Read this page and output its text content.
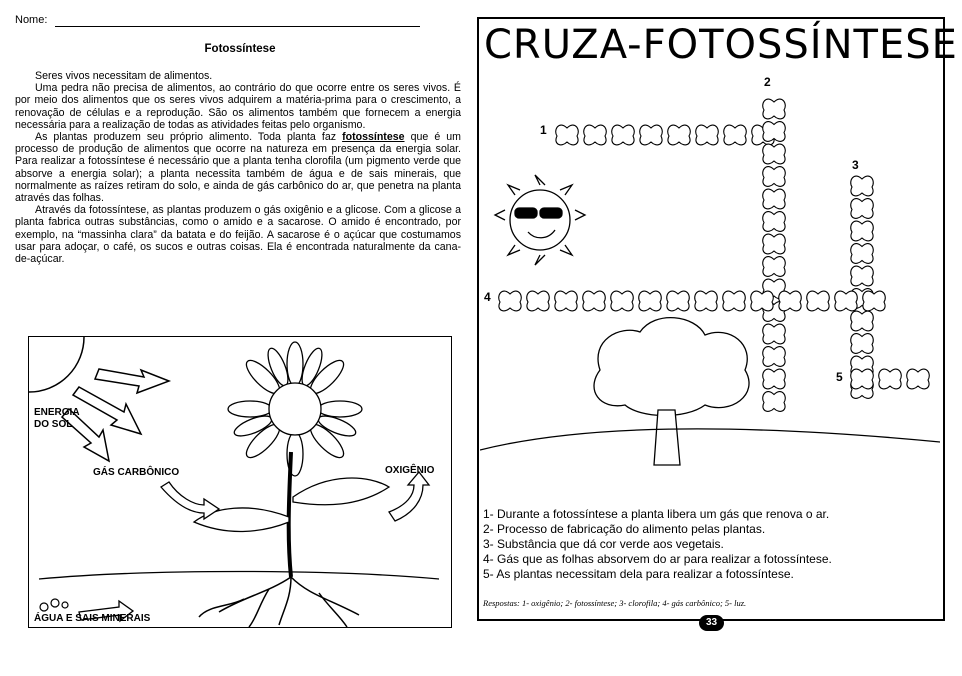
Nome:
Fotossíntese

Seres vivos necessitam de alimentos.

Uma pedra não precisa de alimentos, ao contrário do que ocorre entre os seres vivos. É por meio dos alimentos que os seres vivos adquirem a matéria-prima para o crescimento, a renovação de células e a reprodução. São os alimentos também que fornecem a energia necessária para a realização de todas as atividades feitas pelo organismo.

As plantas produzem seu próprio alimento. Toda planta faz fotossíntese que é um processo de produção de alimentos que ocorre na natureza em presença da energia solar. Para realizar a fotossíntese é necessário que a planta tenha clorofila (um pigmento verde que absorve a energia solar); a planta necessita também de água e de sais minerais, que normalmente as raízes retiram do solo, e ainda de gás carbônico do ar, que penetra na planta através das folhas.

Através da fotossíntese, as plantas produzem o gás oxigênio e a glicose. Com a glicose a planta fabrica outras substâncias, como o amido e a sacarose. O amido é encontrado, por exemplo, na “massinha clara” da batata e do feijão. A sacarose é o açúcar que costumamos usar para adoçar, o café, os sucos e outras coisas. Ela é encontrada naturalmente da cana-de-açúcar.

ENERGIA
DO SOL
GÁS CARBÔNICO	OXIGÊNIO
ÁGUA E SAIS MINERAIS
CRUZA-FOTOSSÍNTESE
1
2
3
4
5
1- Durante a fotossíntese a planta libera um gás que renova o ar.
2- Processo de fabricação do alimento pelas plantas.
3- Substância que dá cor verde aos vegetais.
4- Gás que as folhas absorvem do ar para realizar a fotossíntese.
5- As plantas necessitam dela para realizar a fotossíntese.
Respostas: 1- oxigênio; 2- fotossíntese; 3- clorofila; 4- gás carbônico; 5- luz.
33
